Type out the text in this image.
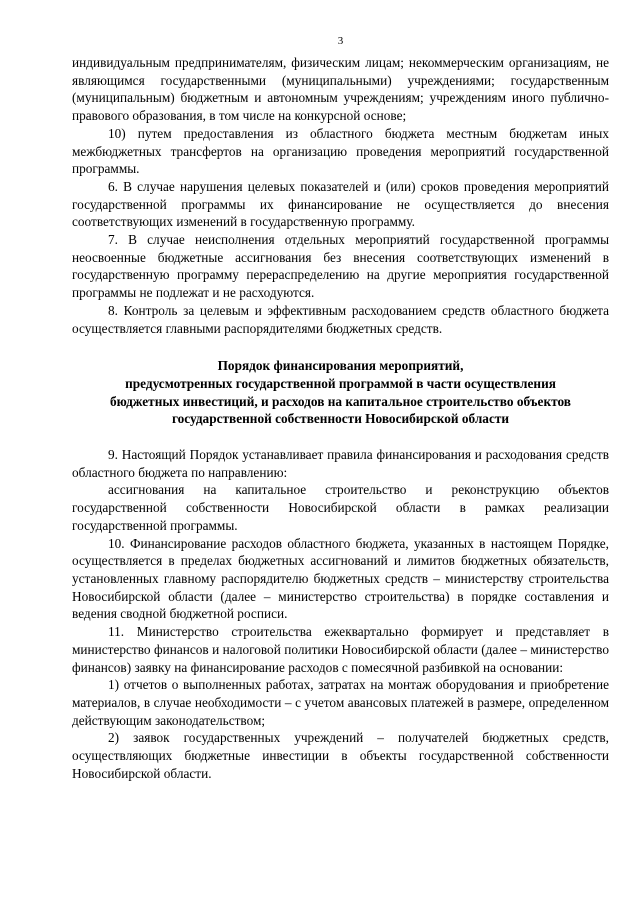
3

индивидуальным предпринимателям, физическим лицам; некоммерческим организациям, не являющимся государственными (муниципальными) учреждениями; государственным (муниципальным) бюджетным и автономным учреждениям; учреждениям иного публично-правового образования, в том числе на конкурсной основе;

10) путем предоставления из областного бюджета местным бюджетам иных межбюджетных трансфертов на организацию проведения мероприятий государственной программы.

6. В случае нарушения целевых показателей и (или) сроков проведения мероприятий государственной программы их финансирование не осуществляется до внесения соответствующих изменений в государственную программу.

7. В случае неисполнения отдельных мероприятий государственной программы неосвоенные бюджетные ассигнования без внесения соответствующих изменений в государственную программу перераспределению на другие мероприятия государственной программы не подлежат и не расходуются.

8. Контроль за целевым и эффективным расходованием средств областного бюджета осуществляется главными распорядителями бюджетных средств.

Порядок финансирования мероприятий,
предусмотренных государственной программой в части осуществления
бюджетных инвестиций, и расходов на капитальное строительство объектов
государственной собственности Новосибирской области

9. Настоящий Порядок устанавливает правила финансирования и расходования средств областного бюджета по направлению:

ассигнования на капитальное строительство и реконструкцию объектов государственной собственности Новосибирской области в рамках реализации государственной программы.

10. Финансирование расходов областного бюджета, указанных в настоящем Порядке, осуществляется в пределах бюджетных ассигнований и лимитов бюджетных обязательств, установленных главному распорядителю бюджетных средств – министерству строительства Новосибирской области (далее – министерство строительства) в порядке составления и ведения сводной бюджетной росписи.

11. Министерство строительства ежеквартально формирует и представляет в министерство финансов и налоговой политики Новосибирской области (далее – министерство финансов) заявку на финансирование расходов с помесячной разбивкой на основании:

1) отчетов о выполненных работах, затратах на монтаж оборудования и приобретение материалов, в случае необходимости – с учетом авансовых платежей в размере, определенном действующим законодательством;

2) заявок государственных учреждений – получателей бюджетных средств, осуществляющих бюджетные инвестиции в объекты государственной собственности Новосибирской области.
